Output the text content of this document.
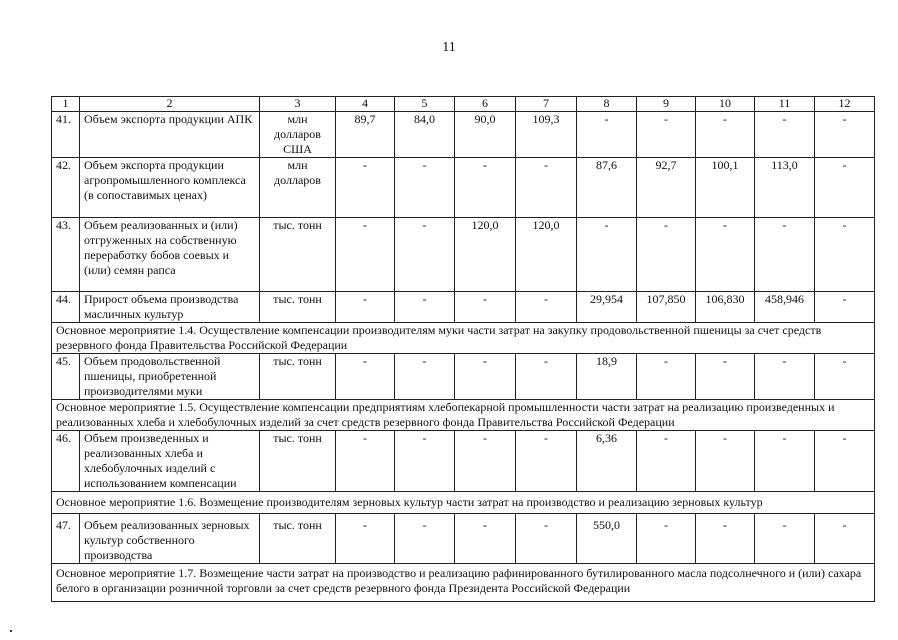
11
1	2	3	4	5	6	7	8	9	10	11	12
41.	Объем экспорта продукции АПК	млн долларов США	89,7	84,0	90,0	109,3	-	-	-	-	-
42.	Объем экспорта продукции агропромышленного комплекса (в сопоставимых ценах)	млн долларов	-	-	-	-	87,6	92,7	100,1	113,0	-
43.	Объем реализованных и (или) отгруженных на собственную переработку бобов соевых и (или) семян рапса	тыс. тонн	-	-	120,0	120,0	-	-	-	-	-
44.	Прирост объема производства масличных культур	тыс. тонн	-	-	-	-	29,954	107,850	106,830	458,946	-
Основное мероприятие 1.4. Осуществление компенсации производителям муки части затрат на закупку продовольственной пшеницы за счет средств резервного фонда Правительства Российской Федерации											
45.	Объем продовольственной пшеницы, приобретенной производителями муки	тыс. тонн	-	-	-	-	18,9	-	-	-	-
Основное мероприятие 1.5. Осуществление компенсации предприятиям хлебопекарной промышленности части затрат на реализацию произведенных и реализованных хлеба и хлебобулочных изделий за счет средств резервного фонда Правительства Российской Федерации											
46.	Объем произведенных и реализованных хлеба и хлебобулочных изделий с использованием компенсации	тыс. тонн	-	-	-	-	6,36	-	-	-	-
Основное мероприятие 1.6. Возмещение производителям зерновых культур части затрат на производство и реализацию зерновых культур											
47.	Объем реализованных зерновых культур собственного производства	тыс. тонн	-	-	-	-	550,0	-	-	-	-
Основное мероприятие 1.7. Возмещение части затрат на производство и реализацию рафинированного бутилированного масла подсолнечного и (или) сахара белого в организации розничной торговли за счет средств резервного фонда Президента Российской Федерации											
